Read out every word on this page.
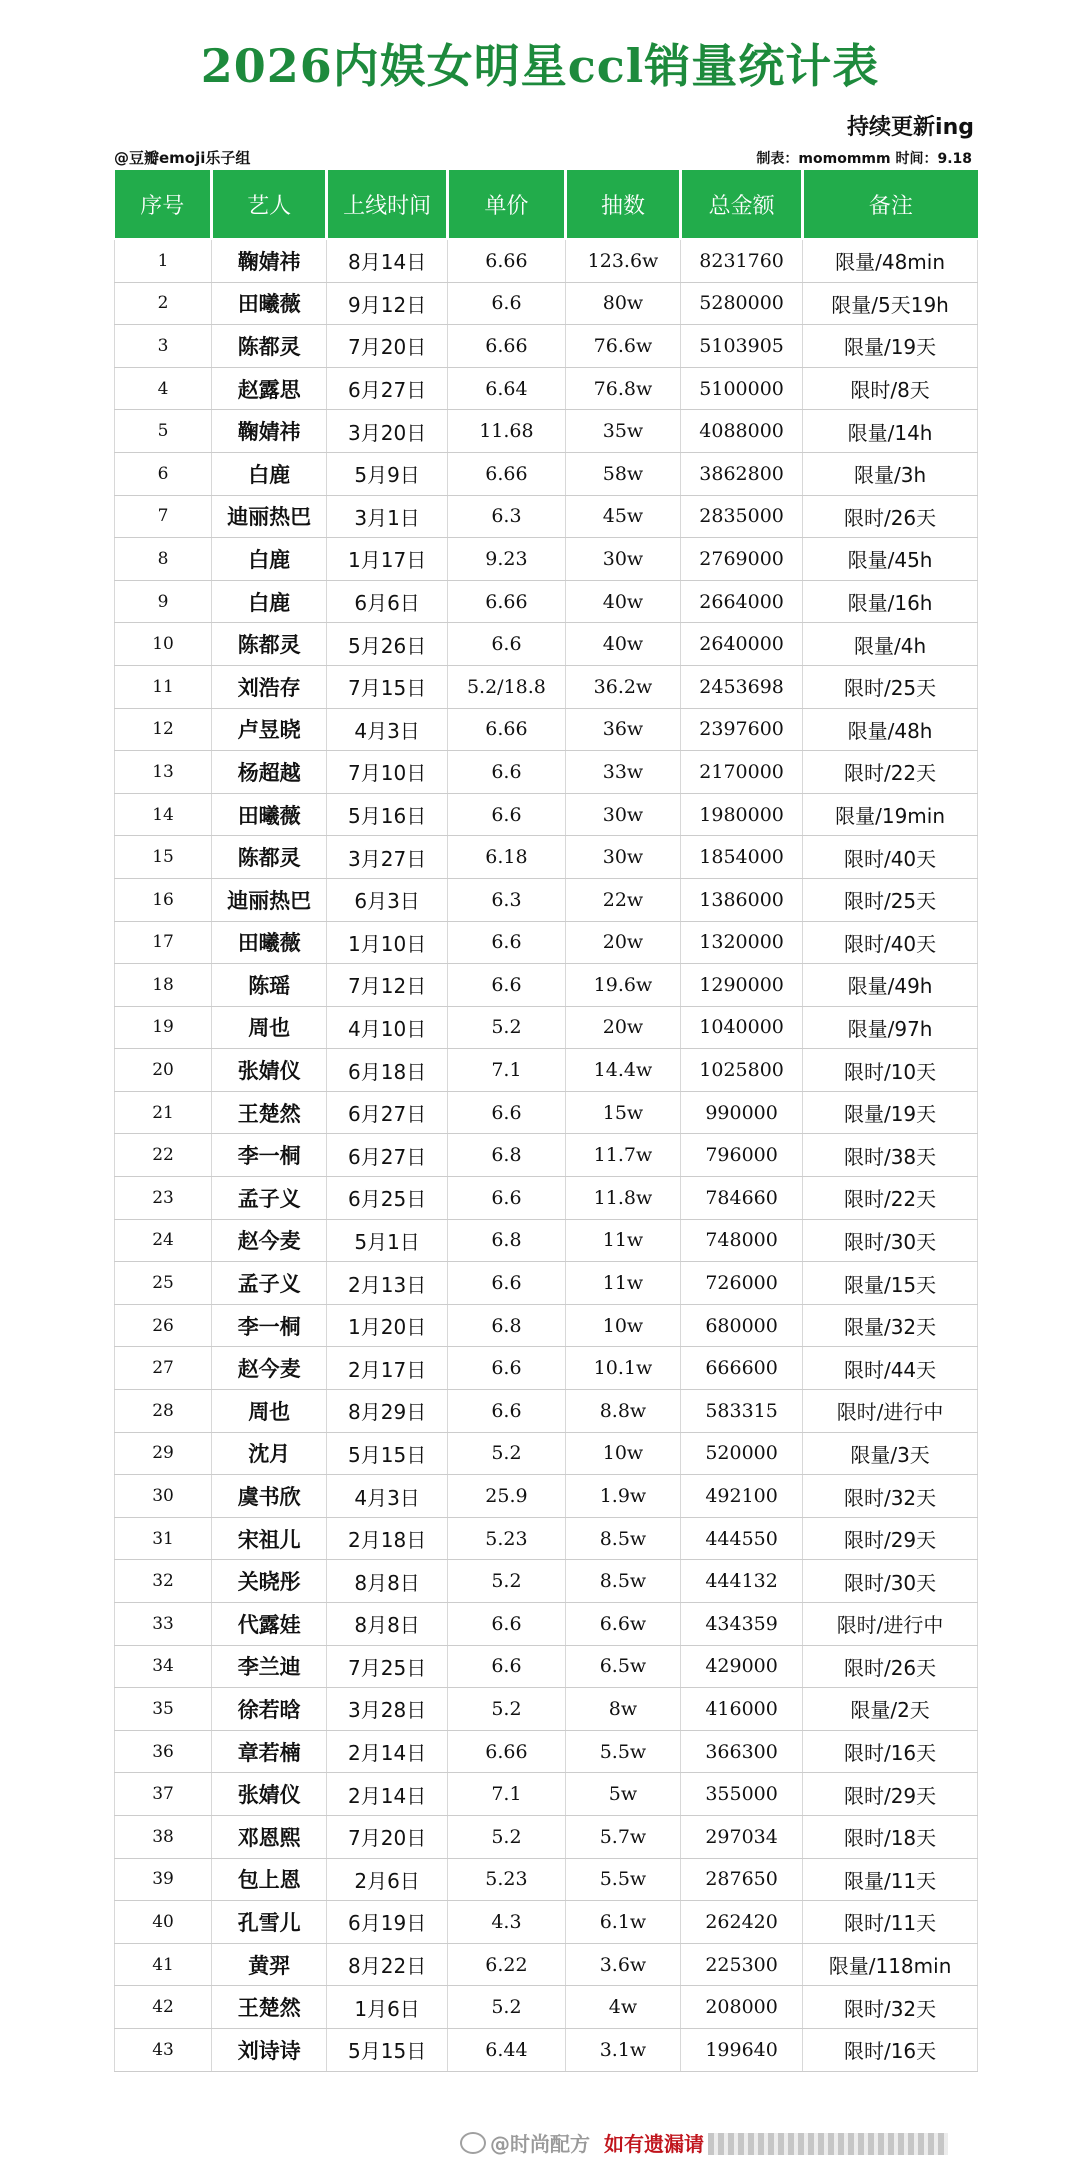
2026内娱女明星ccl销量统计表
持续更新ing
@豆瓣emoji乐子组	制表：momommm 时间：9.18
序号	艺人	上线时间	单价	抽数	总金额	备注
1	鞠婧祎	8月14日	6.66	123.6w	8231760	限量/48min
2	田曦薇	9月12日	6.6	80w	5280000	限量/5天19h
3	陈都灵	7月20日	6.66	76.6w	5103905	限量/19天
4	赵露思	6月27日	6.64	76.8w	5100000	限时/8天
5	鞠婧祎	3月20日	11.68	35w	4088000	限量/14h
6	白鹿	5月9日	6.66	58w	3862800	限量/3h
7	迪丽热巴	3月1日	6.3	45w	2835000	限时/26天
8	白鹿	1月17日	9.23	30w	2769000	限量/45h
9	白鹿	6月6日	6.66	40w	2664000	限量/16h
10	陈都灵	5月26日	6.6	40w	2640000	限量/4h
11	刘浩存	7月15日	5.2/18.8	36.2w	2453698	限时/25天
12	卢昱晓	4月3日	6.66	36w	2397600	限量/48h
13	杨超越	7月10日	6.6	33w	2170000	限时/22天
14	田曦薇	5月16日	6.6	30w	1980000	限量/19min
15	陈都灵	3月27日	6.18	30w	1854000	限时/40天
16	迪丽热巴	6月3日	6.3	22w	1386000	限时/25天
17	田曦薇	1月10日	6.6	20w	1320000	限时/40天
18	陈瑶	7月12日	6.6	19.6w	1290000	限量/49h
19	周也	4月10日	5.2	20w	1040000	限量/97h
20	张婧仪	6月18日	7.1	14.4w	1025800	限时/10天
21	王楚然	6月27日	6.6	15w	990000	限量/19天
22	李一桐	6月27日	6.8	11.7w	796000	限时/38天
23	孟子义	6月25日	6.6	11.8w	784660	限时/22天
24	赵今麦	5月1日	6.8	11w	748000	限时/30天
25	孟子义	2月13日	6.6	11w	726000	限量/15天
26	李一桐	1月20日	6.8	10w	680000	限量/32天
27	赵今麦	2月17日	6.6	10.1w	666600	限时/44天
28	周也	8月29日	6.6	8.8w	583315	限时/进行中
29	沈月	5月15日	5.2	10w	520000	限量/3天
30	虞书欣	4月3日	25.9	1.9w	492100	限时/32天
31	宋祖儿	2月18日	5.23	8.5w	444550	限时/29天
32	关晓彤	8月8日	5.2	8.5w	444132	限时/30天
33	代露娃	8月8日	6.6	6.6w	434359	限时/进行中
34	李兰迪	7月25日	6.6	6.5w	429000	限时/26天
35	徐若晗	3月28日	5.2	8w	416000	限量/2天
36	章若楠	2月14日	6.66	5.5w	366300	限时/16天
37	张婧仪	2月14日	7.1	5w	355000	限时/29天
38	邓恩熙	7月20日	5.2	5.7w	297034	限时/18天
39	包上恩	2月6日	5.23	5.5w	287650	限量/11天
40	孔雪儿	6月19日	4.3	6.1w	262420	限时/11天
41	黄羿	8月22日	6.22	3.6w	225300	限量/118min
42	王楚然	1月6日	5.2	4w	208000	限时/32天
43	刘诗诗	5月15日	6.44	3.1w	199640	限时/16天
@时尚配方 如有遗漏请
